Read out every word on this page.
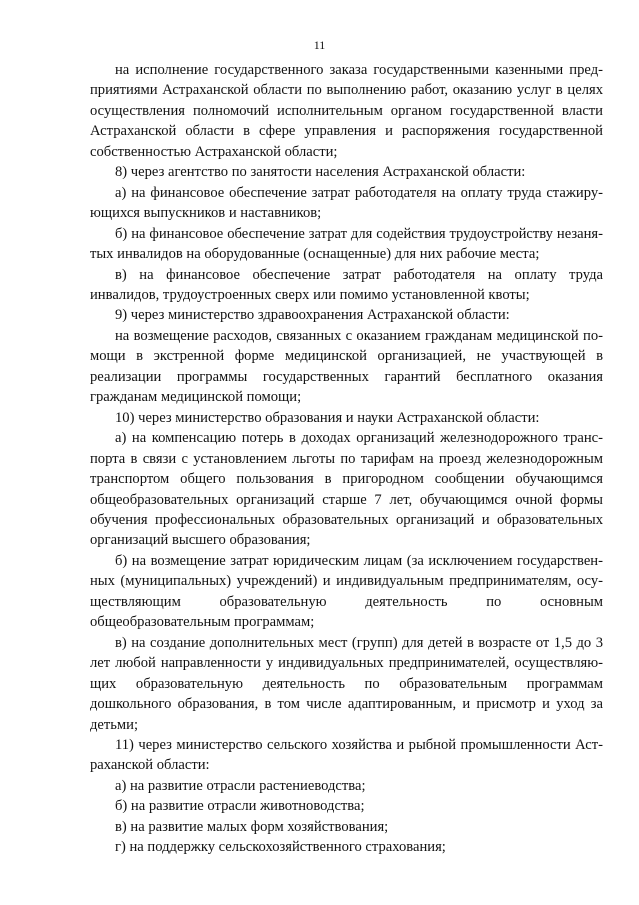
11

на исполнение государственного заказа государственными казенными предприятиями Астраханской области по выполнению работ, оказанию услуг в целях осуществления полномочий исполнительным органом государственной власти Астраханской области в сфере управления и распоряжения государственной собственностью Астраханской области;

8) через агентство по занятости населения Астраханской области:

а) на финансовое обеспечение затрат работодателя на оплату труда стажирующихся выпускников и наставников;

б) на финансовое обеспечение затрат для содействия трудоустройству незанятых инвалидов на оборудованные (оснащенные) для них рабочие места;

в) на финансовое обеспечение затрат работодателя на оплату труда инвалидов, трудоустроенных сверх или помимо установленной квоты;

9) через министерство здравоохранения Астраханской области:

на возмещение расходов, связанных с оказанием гражданам медицинской помощи в экстренной форме медицинской организацией, не участвующей в реализации программы государственных гарантий бесплатного оказания гражданам медицинской помощи;

10) через министерство образования и науки Астраханской области:

а) на компенсацию потерь в доходах организаций железнодорожного транспорта в связи с установлением льготы по тарифам на проезд железнодорожным транспортом общего пользования в пригородном сообщении обучающимся общеобразовательных организаций старше 7 лет, обучающимся очной формы обучения профессиональных образовательных организаций и образовательных организаций высшего образования;

б) на возмещение затрат юридическим лицам (за исключением государственных (муниципальных) учреждений) и индивидуальным предпринимателям, осуществляющим образовательную деятельность по основным общеобразовательным программам;

в) на создание дополнительных мест (групп) для детей в возрасте от 1,5 до 3 лет любой направленности у индивидуальных предпринимателей, осуществляющих образовательную деятельность по образовательным программам дошкольного образования, в том числе адаптированным, и присмотр и уход за детьми;

11) через министерство сельского хозяйства и рыбной промышленности Астраханской области:

а) на развитие отрасли растениеводства;

б) на развитие отрасли животноводства;

в) на развитие малых форм хозяйствования;

г) на поддержку сельскохозяйственного страхования;
